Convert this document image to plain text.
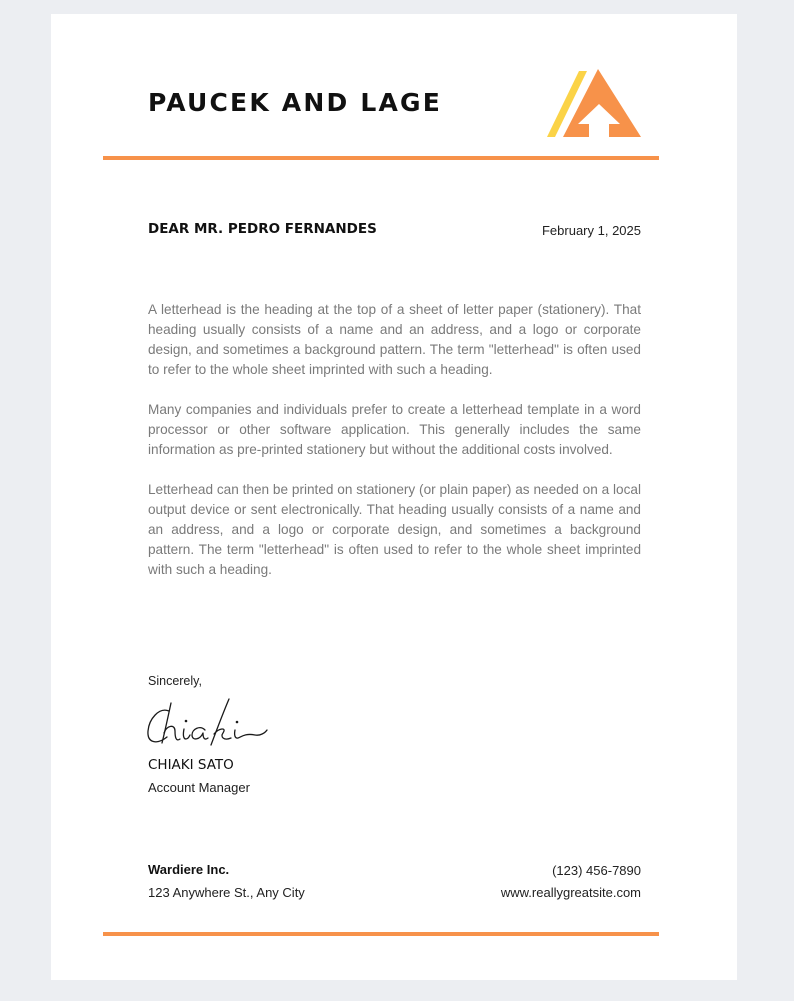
PAUCEK AND LAGE
DEAR MR. PEDRO FERNANDES	February 1, 2025

A letterhead is the heading at the top of a sheet of letter paper (stationery). That heading usually consists of a name and an address, and a logo or corporate design, and sometimes a background pattern. The term "letterhead" is often used to refer to the whole sheet imprinted with such a heading.

Many companies and individuals prefer to create a letterhead template in a word processor or other software application. This generally includes the same information as pre-printed stationery but without the additional costs involved.

Letterhead can then be printed on stationery (or plain paper) as needed on a local output device or sent electronically. That heading usually consists of a name and an address, and a logo or corporate design, and sometimes a background pattern. The term "letterhead" is often used to refer to the whole sheet imprinted with such a heading.

Sincerely,
CHIAKI SATO
Account Manager
Wardiere Inc.
123 Anywhere St., Any City
(123) 456-7890
www.reallygreatsite.com
